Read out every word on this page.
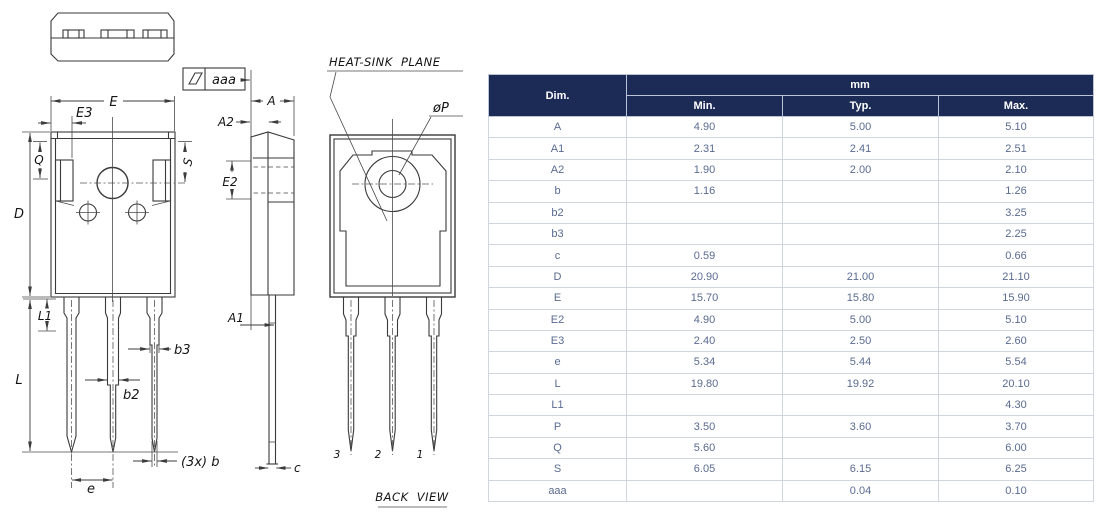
aaa
E
E3
Q	S
D
L1
L
b3
b2
(3x) b
e
A
A2
E2
A1
c
HEAT-SINK PLANE
øP
3	2	1
BACK VIEW
Dim.	mm		
	Min.	Typ.	Max.
A	4.90	5.00	5.10
A1	2.31	2.41	2.51
A2	1.90	2.00	2.10
b	1.16		1.26
b2			3.25
b3			2.25
c	0.59		0.66
D	20.90	21.00	21.10
E	15.70	15.80	15.90
E2	4.90	5.00	5.10
E3	2.40	2.50	2.60
e	5.34	5.44	5.54
L	19.80	19.92	20.10
L1			4.30
P	3.50	3.60	3.70
Q	5.60		6.00
S	6.05	6.15	6.25
aaa		0.04	0.10
